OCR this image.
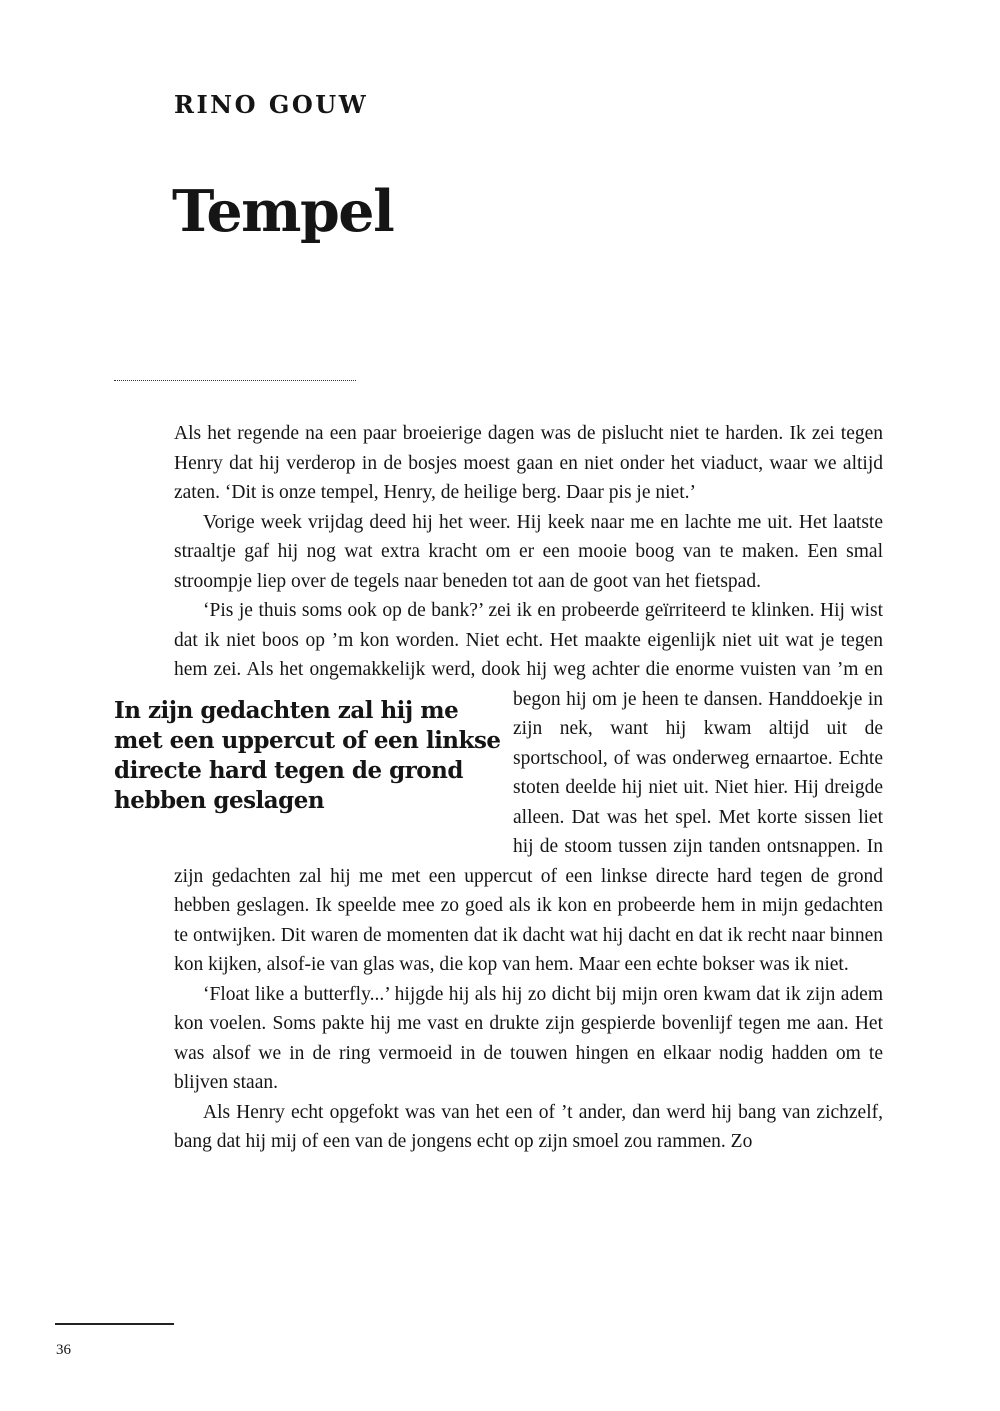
RINO GOUW
Tempel

Als het regende na een paar broeierige dagen was de pislucht niet te harden. Ik zei tegen Henry dat hij verderop in de bosjes moest gaan en niet onder het viaduct, waar we altijd zaten. ‘Dit is onze tempel, Henry, de heilige berg. Daar pis je niet.’

Vorige week vrijdag deed hij het weer. Hij keek naar me en lachte me uit. Het laatste straaltje gaf hij nog wat extra kracht om er een mooie boog van te maken. Een smal stroompje liep over de tegels naar beneden tot aan de goot van het fietspad.

‘Pis je thuis soms ook op de bank?’ zei ik en probeerde geïrriteerd te klinken. Hij wist dat ik niet boos op ’m kon worden. Niet echt. Het maakte eigenlijk niet uit wat je tegen hem zei. Als het ongemakkelijk werd, dook hij weg achter die enor
In zijn gedachten zal hij me met een uppercut of een linkse directe hard tegen de grond hebben geslagen
me vuisten van ’m en begon hij om je heen te dansen. Handdoekje in zijn nek, want hij kwam altijd uit de sportschool, of was onderweg ernaartoe. Echte stoten deelde hij niet uit. Niet hier. Hij dreigde alleen. Dat was het spel. Met korte sissen liet hij de stoom tussen zijn tanden ontsnappen. In zijn gedachten zal hij me met een uppercut of een linkse directe hard tegen de grond hebben geslagen. Ik speelde mee zo goed als ik kon en probeerde hem in mijn gedachten te ontwijken. Dit waren de momenten dat ik dacht wat hij dacht en dat ik recht naar binnen kon kijken, alsof-ie van glas was, die kop van hem. Maar een echte bokser was ik niet.

‘Float like a butterfly...’ hijgde hij als hij zo dicht bij mijn oren kwam dat ik zijn adem kon voelen. Soms pakte hij me vast en drukte zijn gespierde bovenlijf tegen me aan. Het was alsof we in de ring vermoeid in de touwen hingen en elkaar nodig hadden om te blijven staan.

Als Henry echt opgefokt was van het een of ’t ander, dan werd hij bang van zichzelf, bang dat hij mij of een van de jongens echt op zijn smoel zou rammen. Zo

36
